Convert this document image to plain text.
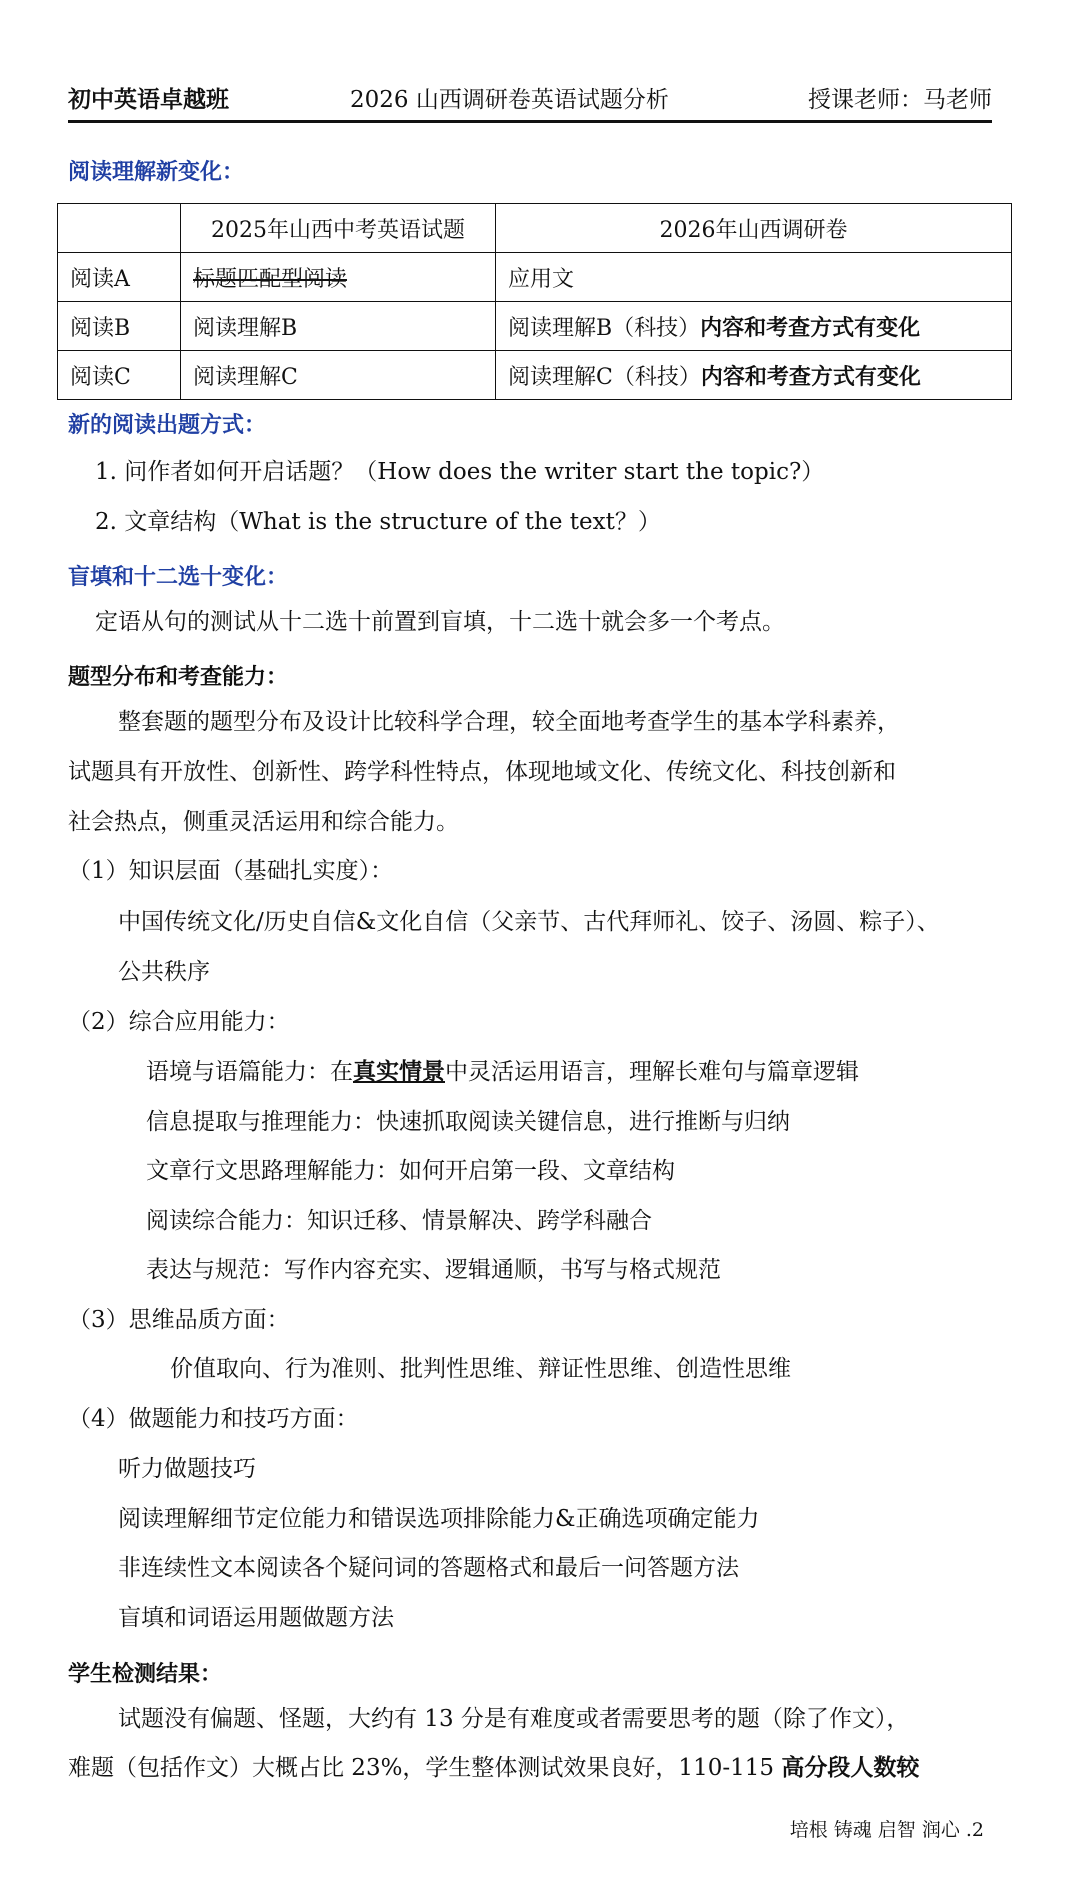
初中英语卓越班	2026 山西调研卷英语试题分析	授课老师：马老师
阅读理解新变化：
	2025年山西中考英语试题	2026年山西调研卷
阅读A	标题匹配型阅读	应用文
阅读B	阅读理解B	阅读理解B（科技）内容和考查方式有变化
阅读C	阅读理解C	阅读理解C（科技）内容和考查方式有变化
新的阅读出题方式：
1. 问作者如何开启话题？（How does the writer start the topic?）
2. 文章结构（What is the structure of the text？）
盲填和十二选十变化：
定语从句的测试从十二选十前置到盲填，十二选十就会多一个考点。
题型分布和考查能力：
整套题的题型分布及设计比较科学合理，较全面地考查学生的基本学科素养，
试题具有开放性、创新性、跨学科性特点，体现地域文化、传统文化、科技创新和
社会热点，侧重灵活运用和综合能力。
（1）知识层面（基础扎实度）：
中国传统文化/历史自信&文化自信（父亲节、古代拜师礼、饺子、汤圆、粽子）、
公共秩序
（2）综合应用能力：
语境与语篇能力：在真实情景中灵活运用语言，理解长难句与篇章逻辑
信息提取与推理能力：快速抓取阅读关键信息，进行推断与归纳
文章行文思路理解能力：如何开启第一段、文章结构
阅读综合能力：知识迁移、情景解决、跨学科融合
表达与规范：写作内容充实、逻辑通顺，书写与格式规范
（3）思维品质方面：
价值取向、行为准则、批判性思维、辩证性思维、创造性思维
（4）做题能力和技巧方面：
听力做题技巧
阅读理解细节定位能力和错误选项排除能力&正确选项确定能力
非连续性文本阅读各个疑问词的答题格式和最后一问答题方法
盲填和词语运用题做题方法
学生检测结果：
试题没有偏题、怪题，大约有 13 分是有难度或者需要思考的题（除了作文），
难题（包括作文）大概占比 23%，学生整体测试效果良好，110-115 高分段人数较
培根 铸魂 启智 润心 .2
